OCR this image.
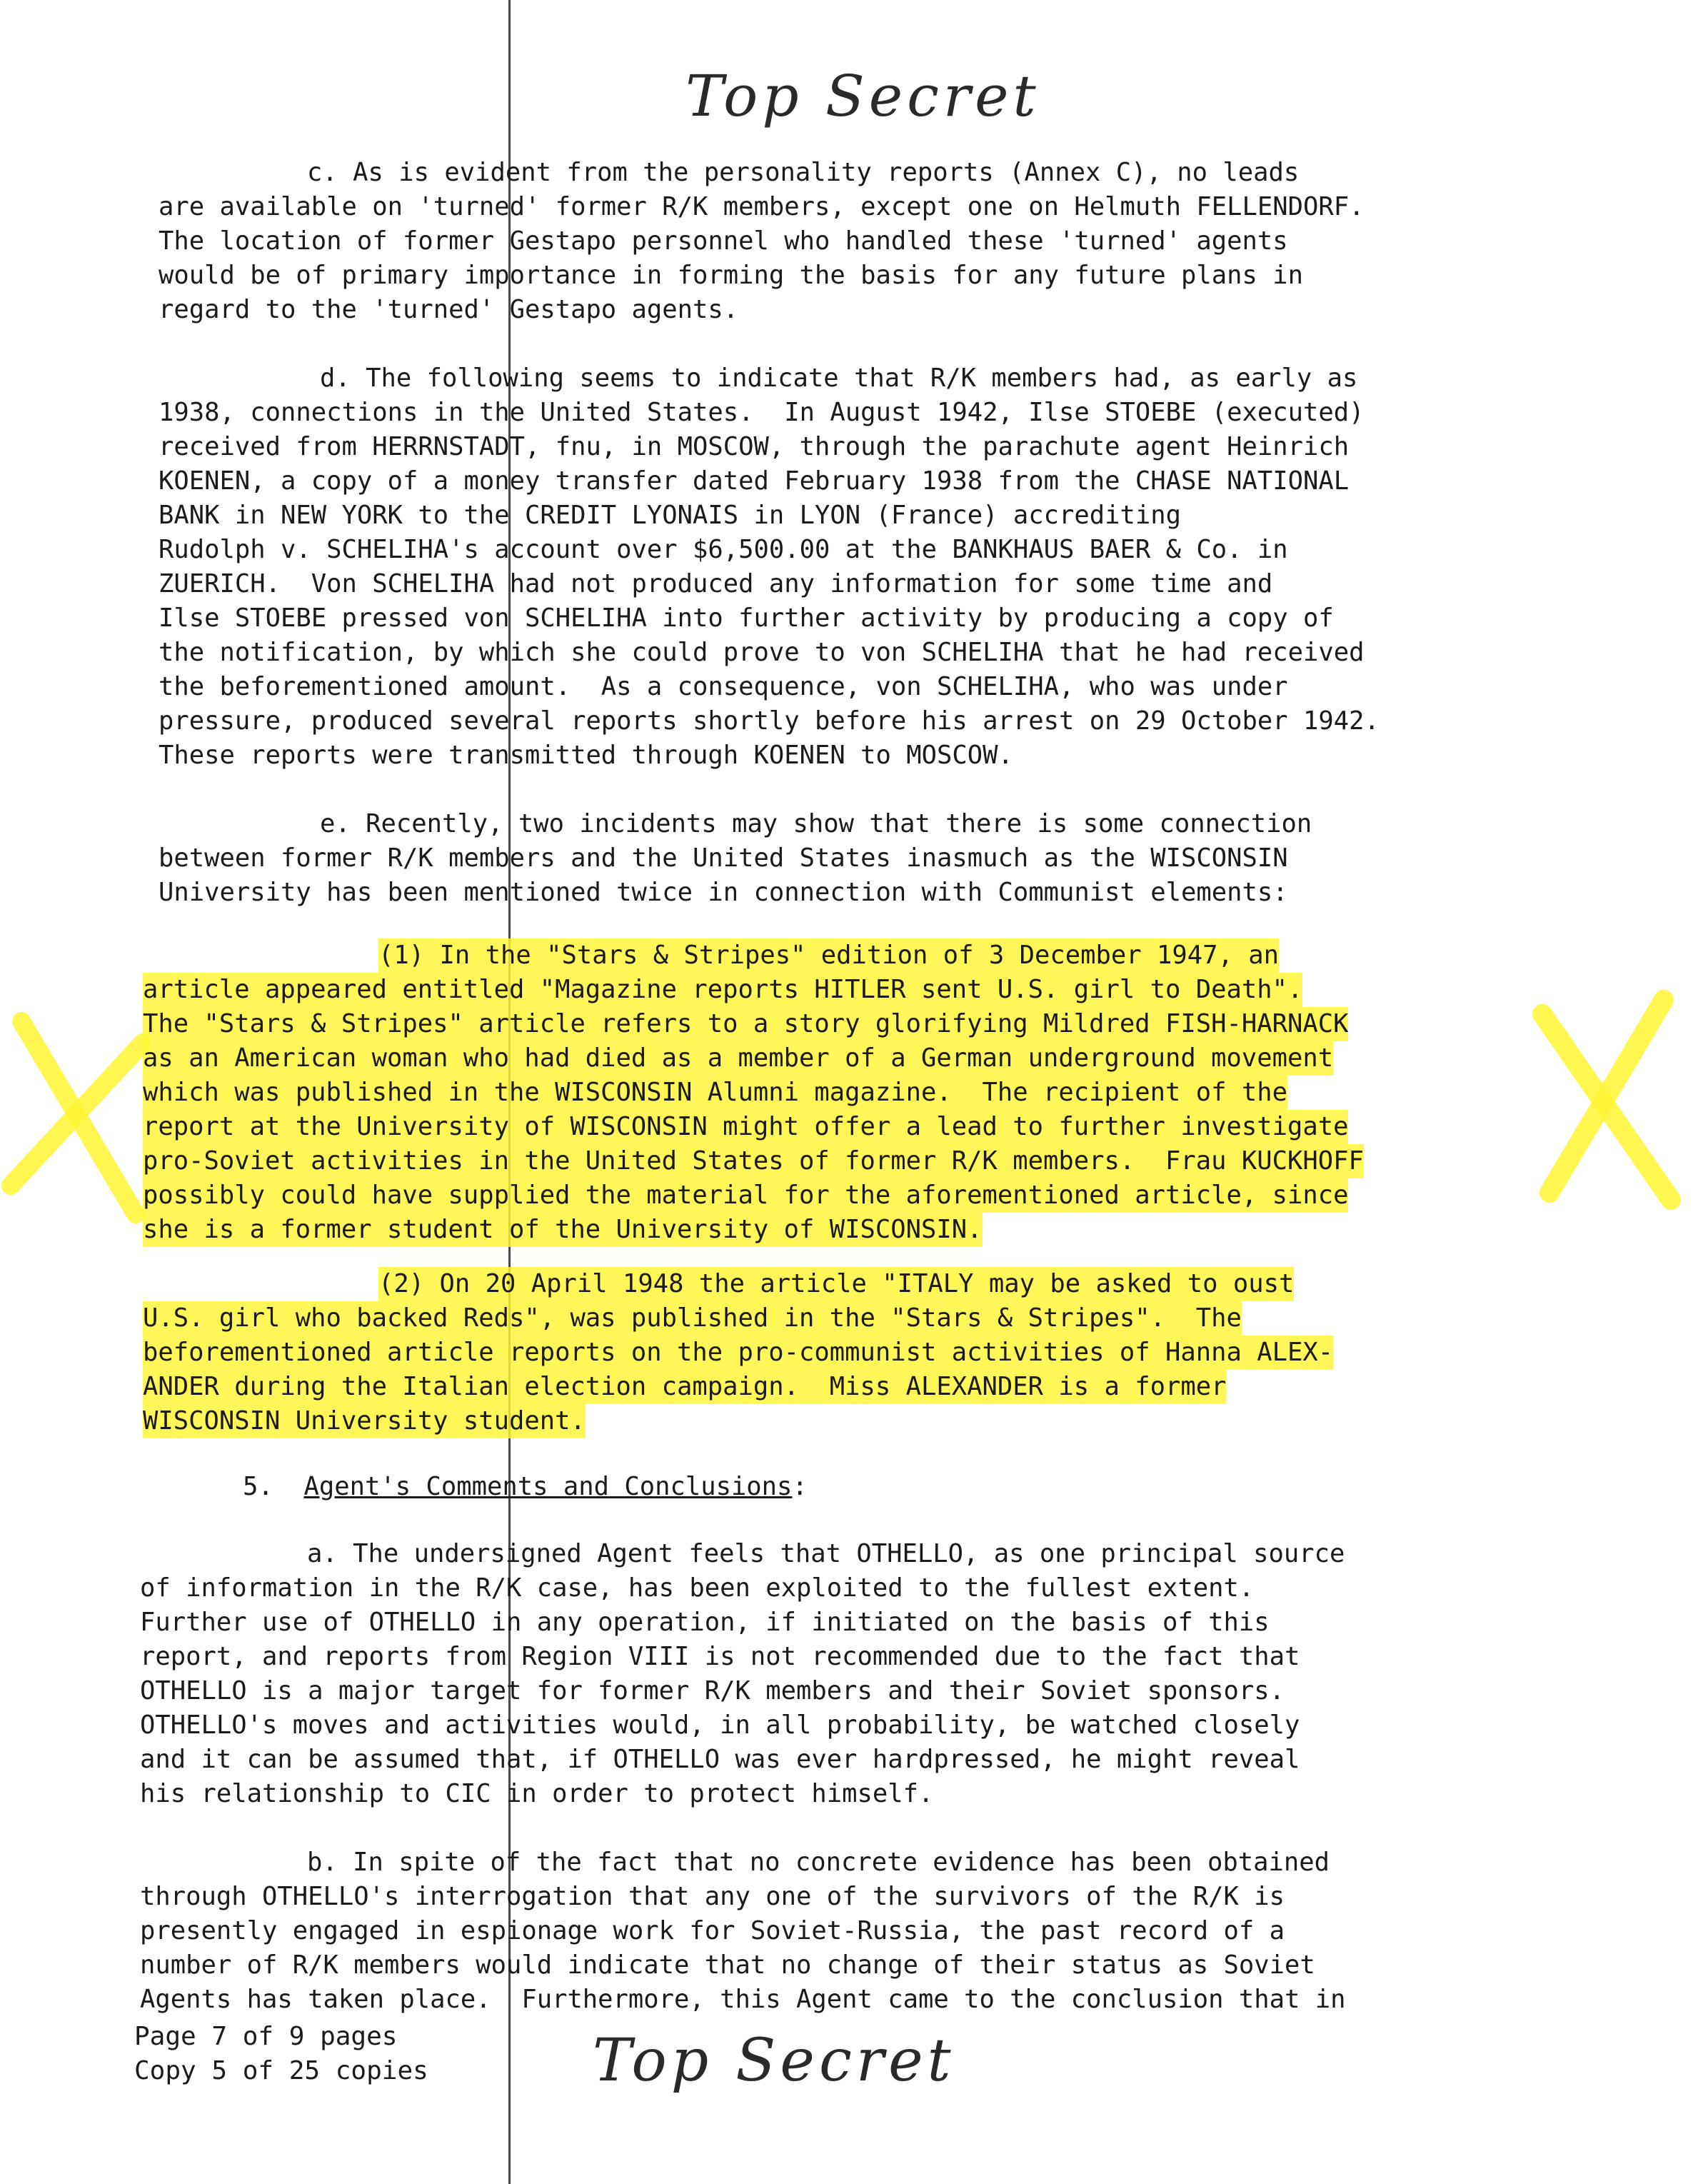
Top Secret
c. As is evident from the personality reports (Annex C), no leads
are available on 'turned' former R/K members, except one on Helmuth FELLENDORF.
The location of former Gestapo personnel who handled these 'turned' agents
would be of primary importance in forming the basis for any future plans in
regard to the 'turned' Gestapo agents.
d. The following seems to indicate that R/K members had, as early as
1938, connections in the United States.  In August 1942, Ilse STOEBE (executed)
received from HERRNSTADT, fnu, in MOSCOW, through the parachute agent Heinrich
KOENEN, a copy of a money transfer dated February 1938 from the CHASE NATIONAL
BANK in NEW YORK to the CREDIT LYONAIS in LYON (France) accrediting
Rudolph v. SCHELIHA's account over $6,500.00 at the BANKHAUS BAER & Co. in
ZUERICH.  Von SCHELIHA had not produced any information for some time and
Ilse STOEBE pressed von SCHELIHA into further activity by producing a copy of
the notification, by which she could prove to von SCHELIHA that he had received
the beforementioned amount.  As a consequence, von SCHELIHA, who was under
pressure, produced several reports shortly before his arrest on 29 October 1942.
These reports were transmitted through KOENEN to MOSCOW.
e. Recently, two incidents may show that there is some connection
between former R/K members and the United States inasmuch as the WISCONSIN
University has been mentioned twice in connection with Communist elements:
(1) In the "Stars & Stripes" edition of 3 December 1947, an
article appeared entitled "Magazine reports HITLER sent U.S. girl to Death".
The "Stars & Stripes" article refers to a story glorifying Mildred FISH-HARNACK
as an American woman who had died as a member of a German underground movement
which was published in the WISCONSIN Alumni magazine.  The recipient of the
report at the University of WISCONSIN might offer a lead to further investigate
pro-Soviet activities in the United States of former R/K members.  Frau KUCKHOFF
possibly could have supplied the material for the aforementioned article, since
she is a former student of the University of WISCONSIN.
(2) On 20 April 1948 the article "ITALY may be asked to oust
U.S. girl who backed Reds", was published in the "Stars & Stripes".  The
beforementioned article reports on the pro-communist activities of Hanna ALEX-
ANDER during the Italian election campaign.  Miss ALEXANDER is a former
WISCONSIN University student.
5. Agent's Comments and Conclusions:
a. The undersigned Agent feels that OTHELLO, as one principal source
of information in the R/K case, has been exploited to the fullest extent.
Further use of OTHELLO in any operation, if initiated on the basis of this
report, and reports from Region VIII is not recommended due to the fact that
OTHELLO is a major target for former R/K members and their Soviet sponsors.
OTHELLO's moves and activities would, in all probability, be watched closely
and it can be assumed that, if OTHELLO was ever hardpressed, he might reveal
his relationship to CIC in order to protect himself.
b. In spite of the fact that no concrete evidence has been obtained
through OTHELLO's interrogation that any one of the survivors of the R/K is
presently engaged in espionage work for Soviet-Russia, the past record of a
number of R/K members would indicate that no change of their status as Soviet
Agents has taken place.  Furthermore, this Agent came to the conclusion that in
Page 7 of 9 pages
Copy 5 of 25 copies	Top Secret
